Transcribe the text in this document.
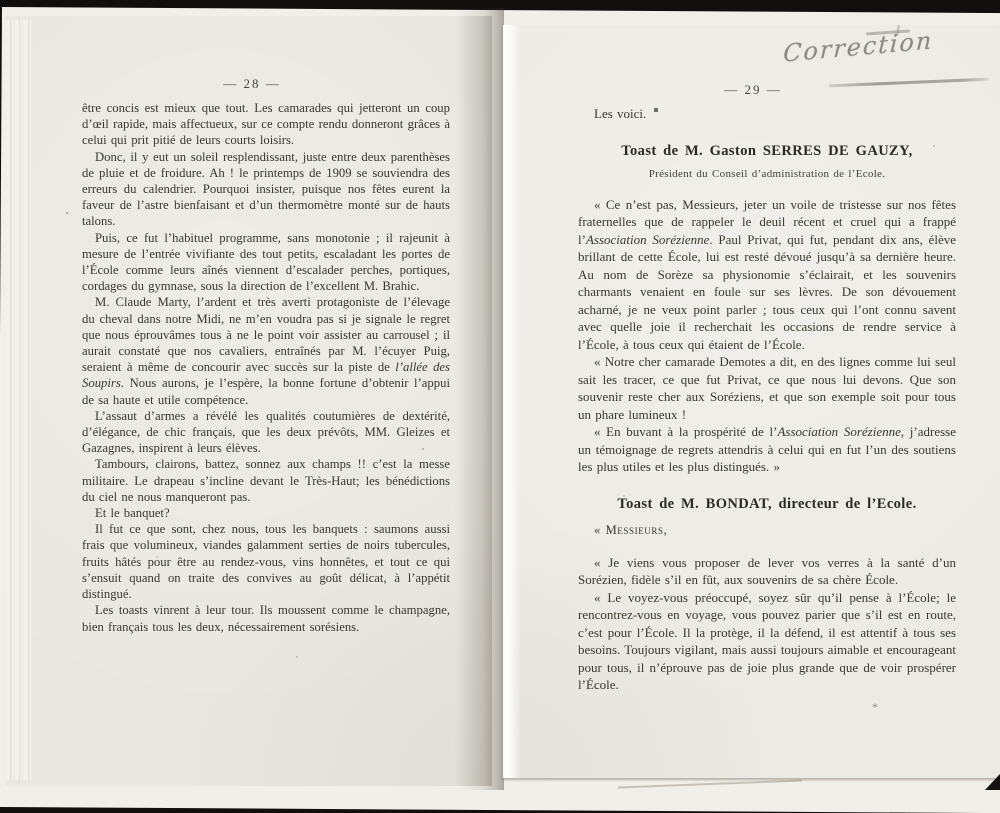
— 28 —

être concis est mieux que tout. Les camarades qui jetteront un coup d’œil rapide, mais affectueux, sur ce compte rendu donneront grâces à celui qui prit pitié de leurs courts loisirs.

Donc, il y eut un soleil resplendissant, juste entre deux parenthèses de pluie et de froidure. Ah ! le printemps de 1909 se souviendra des erreurs du calendrier. Pourquoi insister, puisque nos fêtes eurent la faveur de l’astre bienfaisant et d’un thermomètre monté sur de hauts talons.

Puis, ce fut l’habituel programme, sans monotonie ; il rajeunit à mesure de l’entrée vivifiante des tout petits, escaladant les portes de l’École comme leurs aînés viennent d’escalader perches, portiques, cordages du gymnase, sous la direction de l’excellent M. Brahic.

M. Claude Marty, l’ardent et très averti protagoniste de l’élevage du cheval dans notre Midi, ne m’en voudra pas si je signale le regret que nous éprouvâmes tous à ne le point voir assister au carrousel ; il aurait constaté que nos cavaliers, entraînés par M. l’écuyer Puig, seraient à même de concourir avec succès sur la piste de l’allée des Soupirs. Nous aurons, je l’espère, la bonne fortune d’obtenir l’appui de sa haute et utile compétence.

L’assaut d’armes a révélé les qualités coutumières de dextérité, d’élégance, de chic français, que les deux prévôts, MM. Gleizes et Gazagnes, inspirent à leurs élèves.

Tambours, clairons, battez, sonnez aux champs !! c’est la messe militaire. Le drapeau s’incline devant le Très-Haut; les bénédictions du ciel ne nous manqueront pas.

Et le banquet?

Il fut ce que sont, chez nous, tous les banquets : saumons aussi frais que volumineux, viandes galamment serties de noirs tubercules, fruits hâtés pour être au rendez-vous, vins honnêtes, et tout ce qui s’ensuit quand on traite des convives au goût délicat, à l’appétit distingué.

Les toasts vinrent à leur tour. Ils moussent comme le champagne, bien français tous les deux, nécessairement sorésiens.

Correction
— 29 —

Les voici.

Toast de M. Gaston SERRES DE GAUZY,

Président du Conseil d’administration de l’Ecole.

« Ce n’est pas, Messieurs, jeter un voile de tristesse sur nos fêtes fraternelles que de rappeler le deuil récent et cruel qui a frappé l’Association Sorézienne. Paul Privat, qui fut, pendant dix ans, élève brillant de cette École, lui est resté dévoué jusqu’à sa dernière heure. Au nom de Sorèze sa physionomie s’éclairait, et les souvenirs charmants venaient en foule sur ses lèvres. De son dévouement acharné, je ne veux point parler ; tous ceux qui l’ont connu savent avec quelle joie il recherchait les occasions de rendre service à l’École, à tous ceux qui étaient de l’École.

« Notre cher camarade Demotes a dit, en des lignes comme lui seul sait les tracer, ce que fut Privat, ce que nous lui devons. Que son souvenir reste cher aux Soréziens, et que son exemple soit pour tous un phare lumineux !

« En buvant à la prospérité de l’Association Sorézienne, j’adresse un témoignage de regrets attendris à celui qui en fut l’un des soutiens les plus utiles et les plus distingués. »

Toast de M. BONDAT, directeur de l’Ecole.

« Messieurs,

« Je viens vous proposer de lever vos verres à la santé d’un Sorézien, fidèle s’il en fût, aux souvenirs de sa chère École.

« Le voyez-vous préoccupé, soyez sûr qu’il pense à l’École; le rencontrez-vous en voyage, vous pouvez parier que s’il est en route, c’est pour l’École. Il la protège, il la défend, il est attentif à tous ses besoins. Toujours vigilant, mais aussi toujours aimable et encourageant pour tous, il n’éprouve pas de joie plus grande que de voir prospérer l’École.

*
